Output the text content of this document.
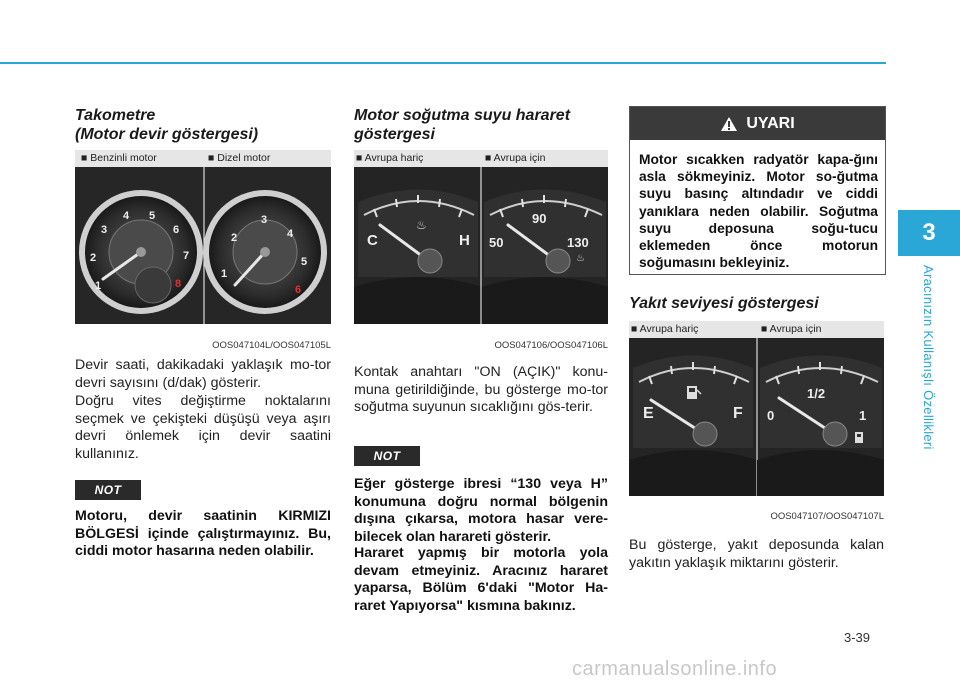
3
Aracınızın Kullanışlı Özellikleri
Takometre
(Motor devir göstergesi)
■ Benzinli motor	■ Dizel motor
1
2
3
4 5
6
7
8
1
2
3
4
5
6
OOS047104L/OOS047105L
Devir saati, dakikadaki yaklaşık mo-tor devri sayısını (d/dak) gösterir.
Doğru vites değiştirme noktalarını seçmek ve çekişteki düşüşü veya aşırı devri önlemek için devir saatini kullanınız.
NOT
Motoru, devir saatinin KIRMIZI BÖLGESİ içinde çalıştırmayınız. Bu, ciddi motor hasarına neden olabilir.
Motor soğutma suyu hararet
göstergesi
■ Avrupa hariç	■ Avrupa için
C	H
♨
50
90
130
♨
OOS047106/OOS047106L
Kontak anahtarı "ON (AÇIK)" konu-muna getirildiğinde, bu gösterge mo-tor soğutma suyunun sıcaklığını gös-terir.
NOT
Eğer gösterge ibresi “130 veya H” konumuna doğru normal bölgenin dışına çıkarsa, motora hasar vere-bilecek olan harareti gösterir.
Hararet yapmış bir motorla yola devam etmeyiniz. Aracınız hararet yaparsa, Bölüm 6'daki "Motor Ha-raret Yapıyorsa" kısmına bakınız.
UYARI
Motor sıcakken radyatör kapa-ğını asla sökmeyiniz. Motor so-ğutma suyu basınç altındadır ve ciddi yanıklara neden olabilir. Soğutma suyu deposuna soğu-tucu eklemeden önce motorun soğumasını bekleyiniz.
Yakıt seviyesi göstergesi
■ Avrupa hariç	■ Avrupa için
E	F 0
1/2
1
OOS047107/OOS047107L
Bu gösterge, yakıt deposunda kalan yakıtın yaklaşık miktarını gösterir.
3-39
carmanualsonline.info
